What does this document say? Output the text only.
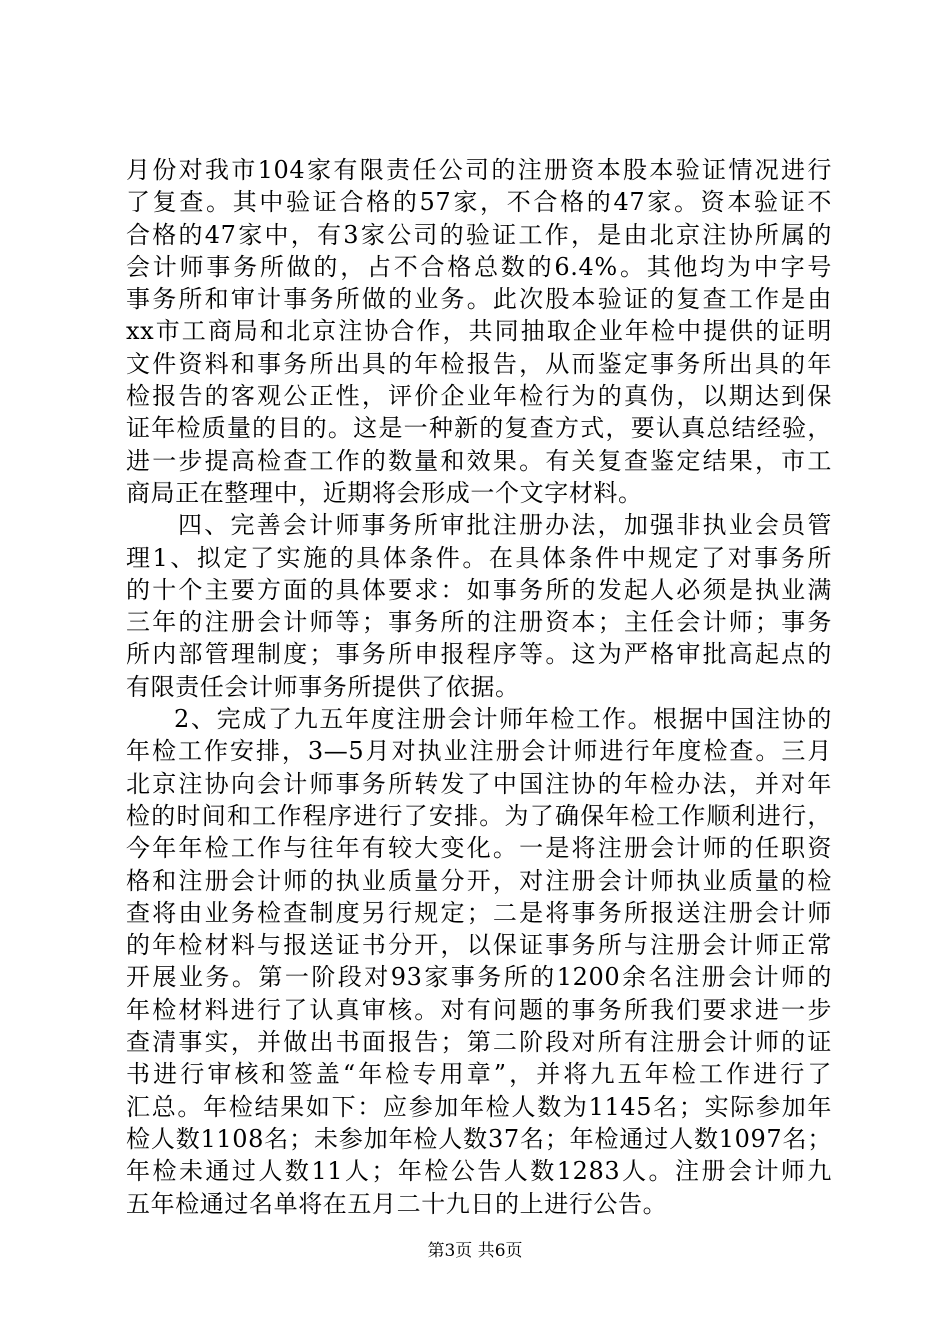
月份对我市104家有限责任公司的注册资本股本验证情况进行
了复查。其中验证合格的57家，不合格的47家。资本验证不
合格的47家中，有3家公司的验证工作，是由北京注协所属的
会计师事务所做的，占不合格总数的6.4%。其他均为中字号
事务所和审计事务所做的业务。此次股本验证的复查工作是由
xx市工商局和北京注协合作，共同抽取企业年检中提供的证明
文件资料和事务所出具的年检报告，从而鉴定事务所出具的年
检报告的客观公正性，评价企业年检行为的真伪，以期达到保
证年检质量的目的。这是一种新的复查方式，要认真总结经验，
进一步提高检查工作的数量和效果。有关复查鉴定结果，市工
商局正在整理中，近期将会形成一个文字材料。
四、完善会计师事务所审批注册办法，加强非执业会员管
理1、拟定了实施的具体条件。在具体条件中规定了对事务所
的十个主要方面的具体要求：如事务所的发起人必须是执业满
三年的注册会计师等；事务所的注册资本；主任会计师；事务
所内部管理制度；事务所申报程序等。这为严格审批高起点的
有限责任会计师事务所提供了依据。
2、完成了九五年度注册会计师年检工作。根据中国注协的
年检工作安排，3—5月对执业注册会计师进行年度检查。三月
北京注协向会计师事务所转发了中国注协的年检办法，并对年
检的时间和工作程序进行了安排。为了确保年检工作顺利进行，
今年年检工作与往年有较大变化。一是将注册会计师的任职资
格和注册会计师的执业质量分开，对注册会计师执业质量的检
查将由业务检查制度另行规定；二是将事务所报送注册会计师
的年检材料与报送证书分开，以保证事务所与注册会计师正常
开展业务。第一阶段对93家事务所的1200余名注册会计师的
年检材料进行了认真审核。对有问题的事务所我们要求进一步
查清事实，并做出书面报告；第二阶段对所有注册会计师的证
书进行审核和签盖“年检专用章”，并将九五年检工作进行了
汇总。年检结果如下：应参加年检人数为1145名；实际参加年
检人数1108名；未参加年检人数37名；年检通过人数1097名；
年检未通过人数11人；年检公告人数1283人。注册会计师九
五年检通过名单将在五月二十九日的上进行公告。
第3页 共6页
